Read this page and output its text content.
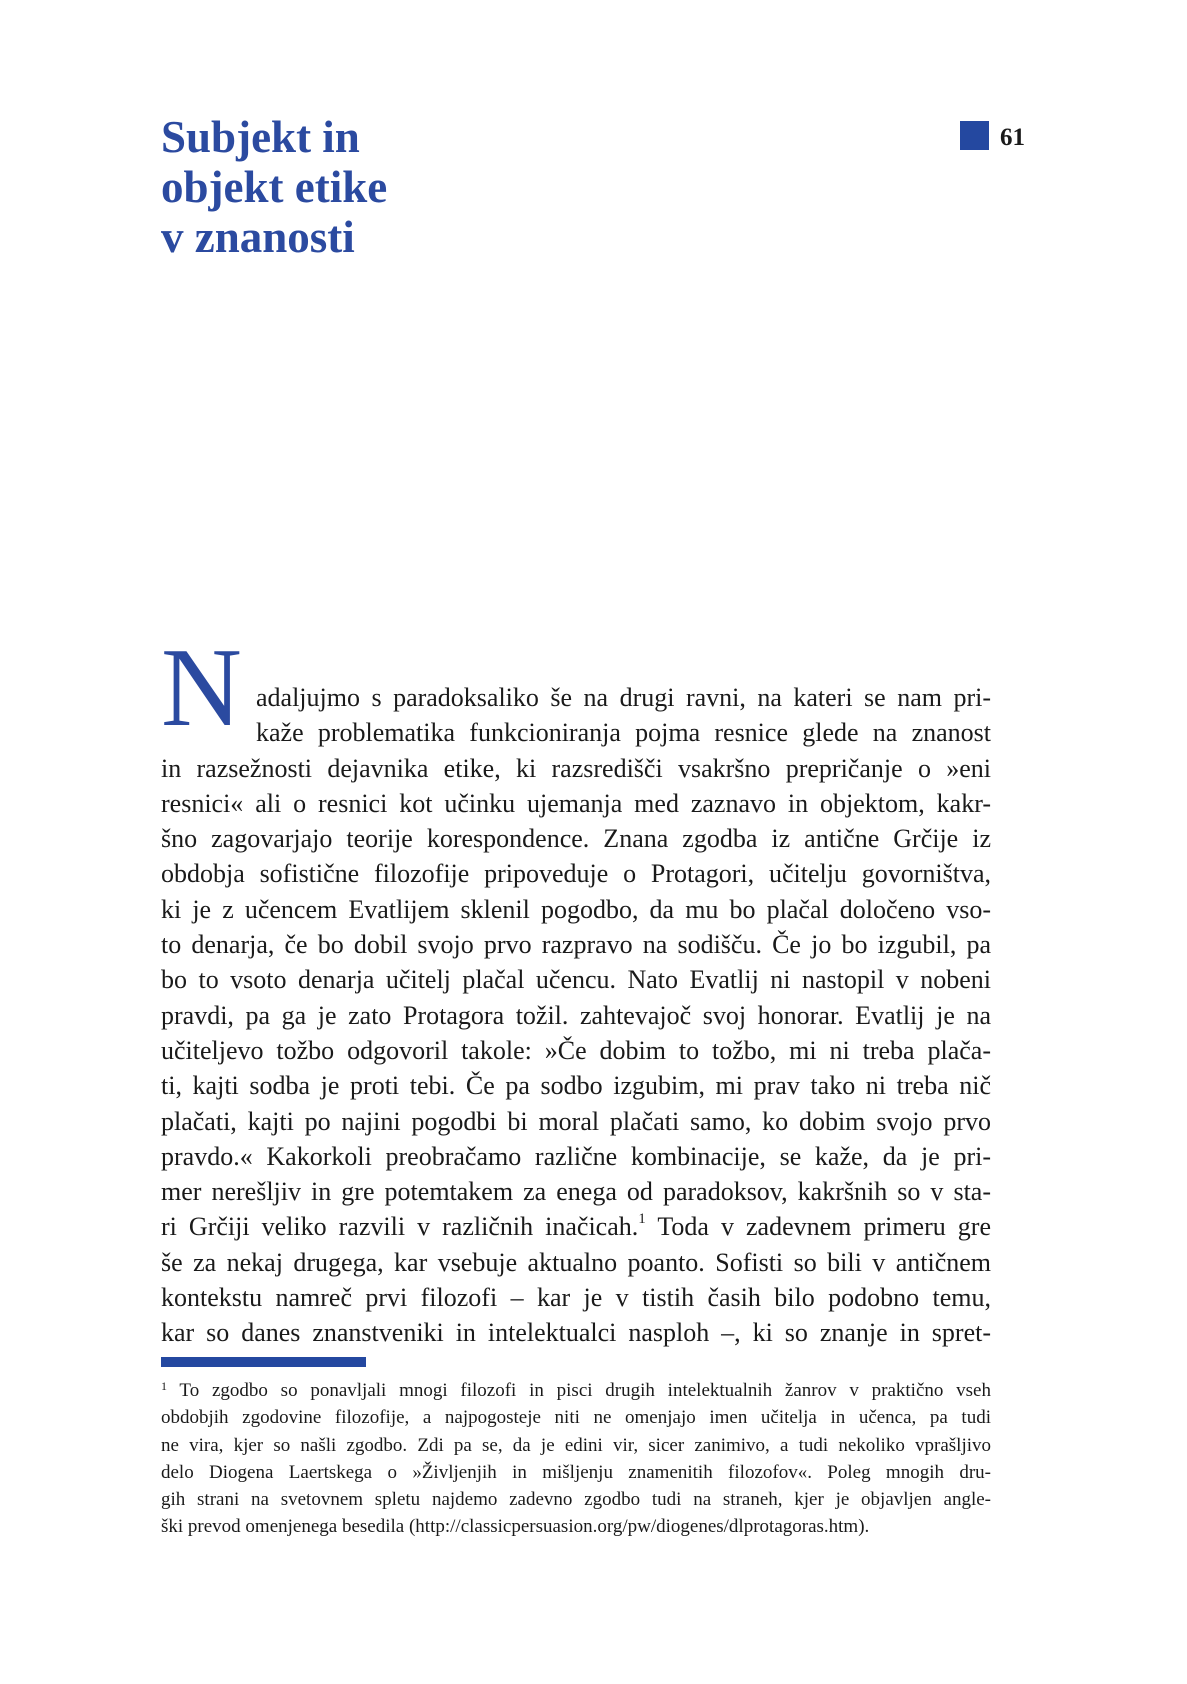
Subjekt in
objekt etike
v znanosti
61
N adaljujmo s paradoksaliko še na drugi ravni, na kateri se nam pri-
kaže problematika funkcioniranja pojma resnice glede na znanost
in razsežnosti dejavnika etike, ki razsredišči vsakršno prepričanje o »eni
resnici« ali o resnici kot učinku ujemanja med zaznavo in objektom, kakr-
šno zagovarjajo teorije korespondence. Znana zgodba iz antične Grčije iz
obdobja sofistične filozofije pripoveduje o Protagori, učitelju govorništva,
ki je z učencem Evatlijem sklenil pogodbo, da mu bo plačal določeno vso-
to denarja, če bo dobil svojo prvo razpravo na sodišču. Če jo bo izgubil, pa
bo to vsoto denarja učitelj plačal učencu. Nato Evatlij ni nastopil v nobeni
pravdi, pa ga je zato Protagora tožil. zahtevajoč svoj honorar. Evatlij je na
učiteljevo tožbo odgovoril takole: »Če dobim to tožbo, mi ni treba plača-
ti, kajti sodba je proti tebi. Če pa sodbo izgubim, mi prav tako ni treba nič
plačati, kajti po najini pogodbi bi moral plačati samo, ko dobim svojo prvo
pravdo.« Kakorkoli preobračamo različne kombinacije, se kaže, da je pri-
mer nerešljiv in gre potemtakem za enega od paradoksov, kakršnih so v sta-
ri Grčiji veliko razvili v različnih inačicah.$^1$ Toda v zadevnem primeru gre
še za nekaj drugega, kar vsebuje aktualno poanto. Sofisti so bili v antičnem
kontekstu namreč prvi filozofi – kar je v tistih časih bilo podobno temu,
kar so danes znanstveniki in intelektualci nasploh –, ki so znanje in spret-
$^1$ To zgodbo so ponavljali mnogi filozofi in pisci drugih intelektualnih žanrov v praktično vseh
obdobjih zgodovine filozofije, a najpogosteje niti ne omenjajo imen učitelja in učenca, pa tudi
ne vira, kjer so našli zgodbo. Zdi pa se, da je edini vir, sicer zanimivo, a tudi nekoliko vprašljivo
delo Diogena Laertskega o »Življenjih in mišljenju znamenitih filozofov«. Poleg mnogih dru-
gih strani na svetovnem spletu najdemo zadevno zgodbo tudi na straneh, kjer je objavljen angle-
ški prevod omenjenega besedila (http://classicpersuasion.org/pw/diogenes/dlprotagoras.htm).
